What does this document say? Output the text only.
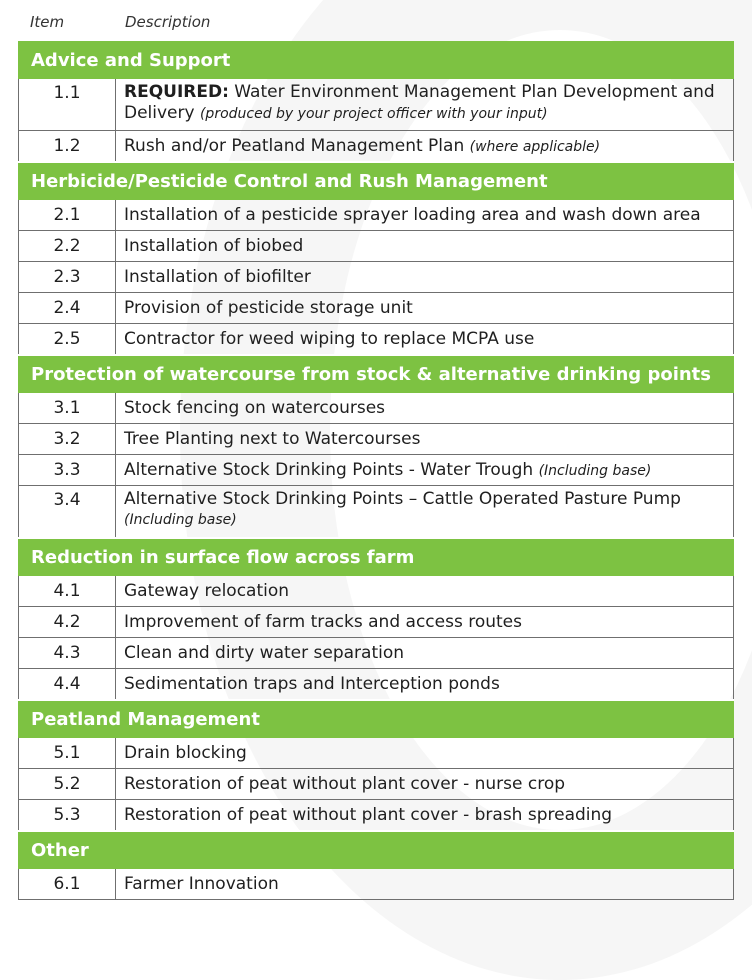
Item	Description
Advice and Support	
1.1	REQUIRED: Water Environment Management Plan Development and
Delivery (produced by your project officer with your input)

1.2	Rush and/or Peatland Management Plan (where applicable)
Herbicide/Pesticide Control and Rush Management	
2.1	Installation of a pesticide sprayer loading area and wash down area
2.2	Installation of biobed
2.3	Installation of biofilter
2.4	Provision of pesticide storage unit
2.5	Contractor for weed wiping to replace MCPA use
Protection of watercourse from stock & alternative drinking points	
3.1	Stock fencing on watercourses
3.2	Tree Planting next to Watercourses
3.3	Alternative Stock Drinking Points - Water Trough (Including base)
3.4	Alternative Stock Drinking Points – Cattle Operated Pasture Pump
(Including base)

Reduction in surface flow across farm	
4.1	Gateway relocation
4.2	Improvement of farm tracks and access routes
4.3	Clean and dirty water separation
4.4	Sedimentation traps and Interception ponds
Peatland Management	
5.1	Drain blocking
5.2	Restoration of peat without plant cover - nurse crop
5.3	Restoration of peat without plant cover - brash spreading
Other	
6.1	Farmer Innovation
